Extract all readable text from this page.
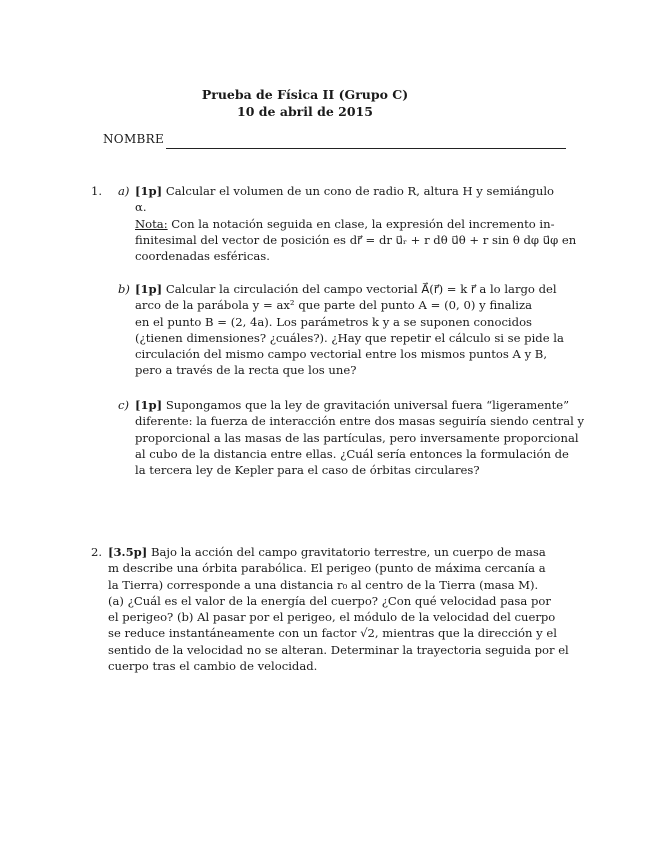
Prueba de Física II (Grupo C)
10 de abril de 2015
NOMBRE
1. a) [1p] Calcular el volumen de un cono de radio R, altura H y semiángulo
α.
Nota: Con la notación seguida en clase, la expresión del incremento in-
finitesimal del vector de posición es dr⃗ = dr u⃗ᵣ + r dθ u⃗θ + r sin θ dφ u⃗φ en
coordenadas esféricas.
b) [1p] Calcular la circulación del campo vectorial A⃗(r⃗) = k r⃗ a lo largo del
arco de la parábola y = ax² que parte del punto A = (0, 0) y finaliza
en el punto B = (2, 4a). Los parámetros k y a se suponen conocidos
(¿tienen dimensiones? ¿cuáles?). ¿Hay que repetir el cálculo si se pide la
circulación del mismo campo vectorial entre los mismos puntos A y B,
pero a través de la recta que los une?
c) [1p] Supongamos que la ley de gravitación universal fuera “ligeramente”
diferente: la fuerza de interacción entre dos masas seguiría siendo central y
proporcional a las masas de las partículas, pero inversamente proporcional
al cubo de la distancia entre ellas. ¿Cuál sería entonces la formulación de
la tercera ley de Kepler para el caso de órbitas circulares?
2. [3.5p] Bajo la acción del campo gravitatorio terrestre, un cuerpo de masa
m describe una órbita parabólica. El perigeo (punto de máxima cercanía a
la Tierra) corresponde a una distancia r₀ al centro de la Tierra (masa M).
(a) ¿Cuál es el valor de la energía del cuerpo? ¿Con qué velocidad pasa por
el perigeo? (b) Al pasar por el perigeo, el módulo de la velocidad del cuerpo
se reduce instantáneamente con un factor √2, mientras que la dirección y el
sentido de la velocidad no se alteran. Determinar la trayectoria seguida por el
cuerpo tras el cambio de velocidad.
